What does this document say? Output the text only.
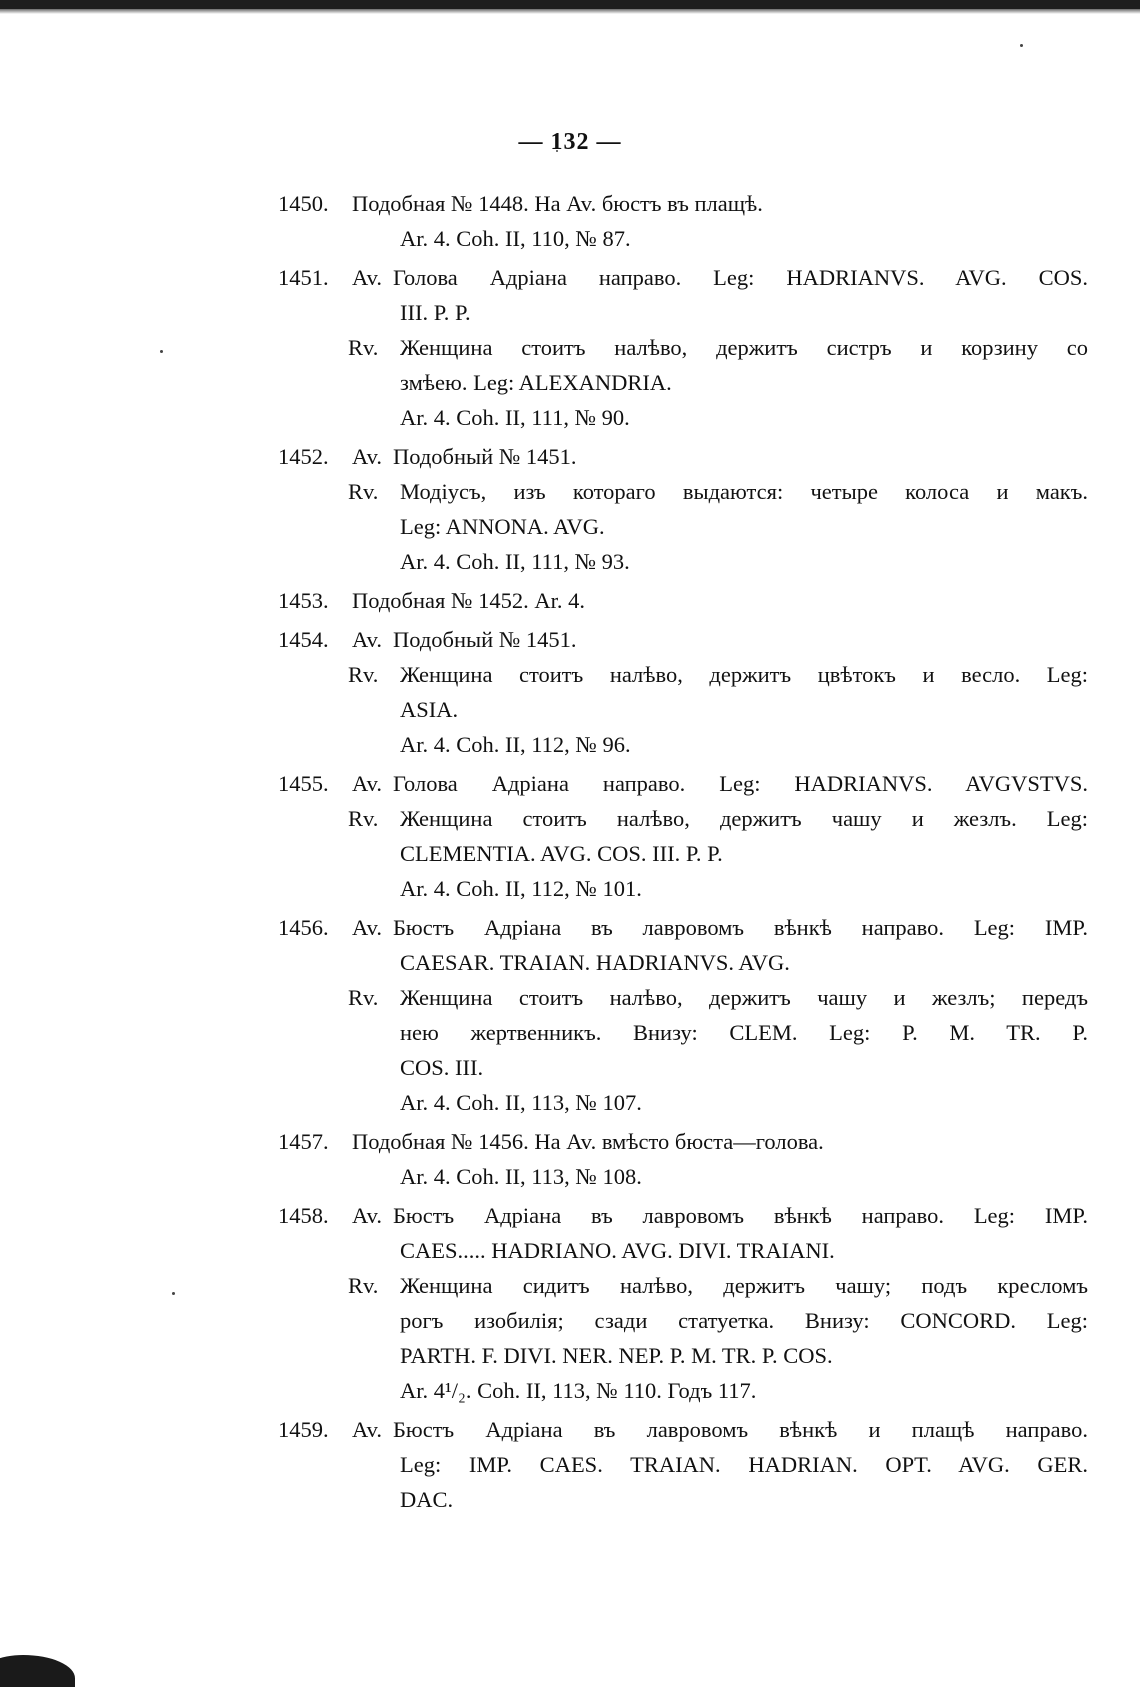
— 132 —
1450. Подобная № 1448. На Av. бюстъ въ плащѣ.
Ar. 4. Coh. II, 110, № 87.
1451. Av. Голова Адріана направо. Leg: HADRIANVS. AVG. COS.
III. P. P.
Rv. Женщина стоитъ налѣво, держитъ систръ и корзину со
змѣею. Leg: ALEXANDRIA.
Ar. 4. Coh. II, 111, № 90.
1452. Av. Подобный № 1451.
Rv. Модіусъ, изъ котораго выдаются: четыре колоса и макъ.
Leg: ANNONA. AVG.
Ar. 4. Coh. II, 111, № 93.
1453. Подобная № 1452. Ar. 4.
1454. Av. Подобный № 1451.
Rv. Женщина стоитъ налѣво, держитъ цвѣтокъ и весло. Leg:
ASIA.
Ar. 4. Coh. II, 112, № 96.
1455. Av. Голова Адріана направо. Leg: HADRIANVS. AVGVSTVS.
Rv. Женщина стоитъ налѣво, держитъ чашу и жезлъ. Leg:
CLEMENTIA. AVG. COS. III. P. P.
Ar. 4. Coh. II, 112, № 101.
1456. Av. Бюстъ Адріана въ лавровомъ вѣнкѣ направо. Leg: IMP.
CAESAR. TRAIAN. HADRIANVS. AVG.
Rv. Женщина стоитъ налѣво, держитъ чашу и жезлъ; передъ
нею жертвенникъ. Внизу: CLEM. Leg: P. M. TR. P.
COS. III.
Ar. 4. Coh. II, 113, № 107.
1457. Подобная № 1456. На Av. вмѣсто бюста—голова.
Ar. 4. Coh. II, 113, № 108.
1458. Av. Бюстъ Адріана въ лавровомъ вѣнкѣ направо. Leg: IMP.
CAES..... HADRIANO. AVG. DIVI. TRAIANI.
Rv. Женщина сидитъ налѣво, держитъ чашу; подъ кресломъ
рогъ изобилія; сзади статуетка. Внизу: CONCORD. Leg:
PARTH. F. DIVI. NER. NEP. P. M. TR. P. COS.
Ar. 4¹/₂. Coh. II, 113, № 110. Годъ 117.
1459. Av. Бюстъ Адріана въ лавровомъ вѣнкѣ и плащѣ направо.
Leg: IMP. CAES. TRAIAN. HADRIAN. OPT. AVG. GER.
DAC.
